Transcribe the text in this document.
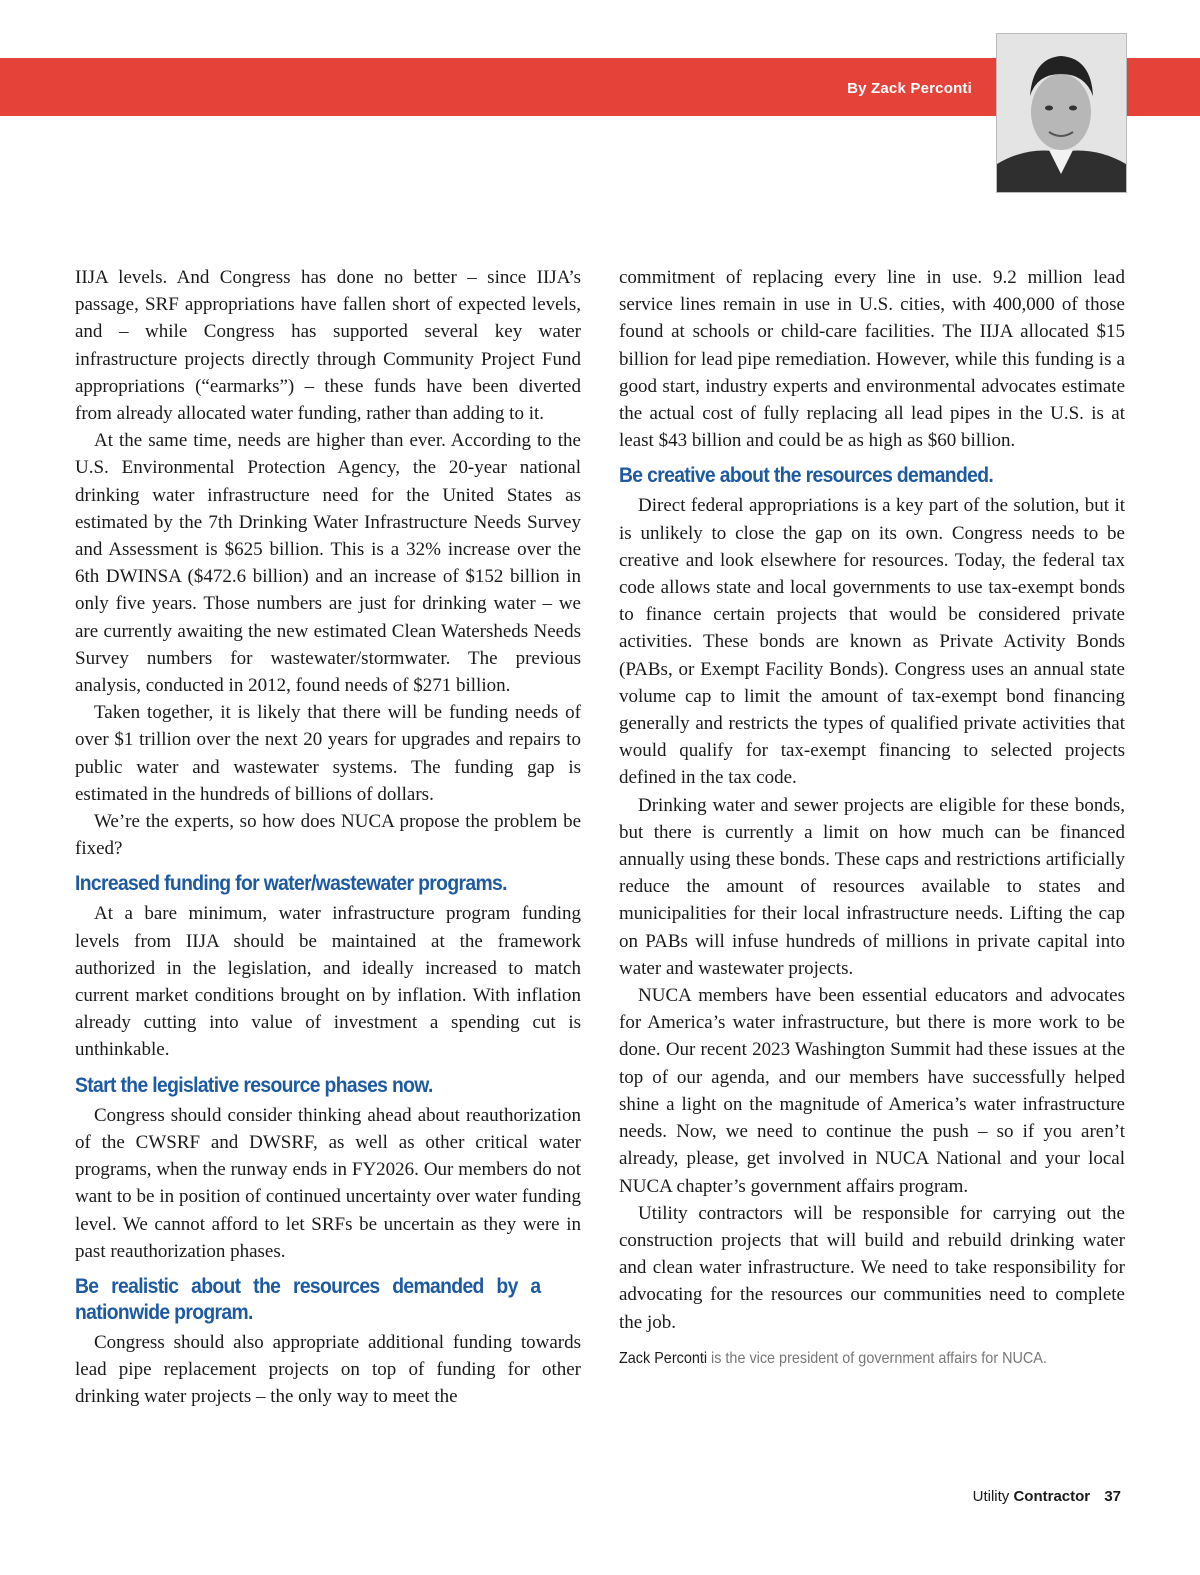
By Zack Perconti

IIJA levels. And Congress has done no better – since IIJA’s passage, SRF appropriations have fallen short of expected levels, and – while Congress has supported several key water infrastructure projects directly through Community Project Fund appropriations (“earmarks”) – these funds have been diverted from already allocated water funding, rather than adding to it.

At the same time, needs are higher than ever. According to the U.S. Environmental Protection Agency, the 20-year national drinking water infrastructure need for the United States as estimated by the 7th Drinking Water Infrastructure Needs Survey and Assessment is $625 billion. This is a 32% increase over the 6th DWINSA ($472.6 billion) and an increase of $152 billion in only five years. Those numbers are just for drinking water – we are currently awaiting the new estimated Clean Watersheds Needs Survey numbers for wastewater/stormwater. The previous analysis, conducted in 2012, found needs of $271 billion.

Taken together, it is likely that there will be funding needs of over $1 trillion over the next 20 years for upgrades and repairs to public water and wastewater systems. The funding gap is estimated in the hundreds of billions of dollars.

We’re the experts, so how does NUCA propose the problem be fixed?

Increased funding for water/wastewater programs.

At a bare minimum, water infrastructure program funding levels from IIJA should be maintained at the framework authorized in the legislation, and ideally increased to match current market conditions brought on by inflation. With inflation already cutting into value of investment a spending cut is unthinkable.

Start the legislative resource phases now.

Congress should consider thinking ahead about reauthorization of the CWSRF and DWSRF, as well as other critical water programs, when the runway ends in FY2026. Our members do not want to be in position of continued uncertainty over water funding level. We cannot afford to let SRFs be uncertain as they were in past reauthorization phases.

Be realistic about the resources demanded by a nationwide program.

Congress should also appropriate additional funding towards lead pipe replacement projects on top of funding for other drinking water projects – the only way to meet the

commitment of replacing every line in use. 9.2 million lead service lines remain in use in U.S. cities, with 400,000 of those found at schools or child-care facilities. The IIJA allocated $15 billion for lead pipe remediation. However, while this funding is a good start, industry experts and environmental advocates estimate the actual cost of fully replacing all lead pipes in the U.S. is at least $43 billion and could be as high as $60 billion.

Be creative about the resources demanded.

Direct federal appropriations is a key part of the solution, but it is unlikely to close the gap on its own. Congress needs to be creative and look elsewhere for resources. Today, the federal tax code allows state and local governments to use tax-exempt bonds to finance certain projects that would be considered private activities. These bonds are known as Private Activity Bonds (PABs, or Exempt Facility Bonds). Congress uses an annual state volume cap to limit the amount of tax-exempt bond financing generally and restricts the types of qualified private activities that would qualify for tax-exempt financing to selected projects defined in the tax code.

Drinking water and sewer projects are eligible for these bonds, but there is currently a limit on how much can be financed annually using these bonds. These caps and restrictions artificially reduce the amount of resources available to states and municipalities for their local infrastructure needs. Lifting the cap on PABs will infuse hundreds of millions in private capital into water and wastewater projects.

NUCA members have been essential educators and advocates for America’s water infrastructure, but there is more work to be done. Our recent 2023 Washington Summit had these issues at the top of our agenda, and our members have successfully helped shine a light on the magnitude of America’s water infrastructure needs. Now, we need to continue the push – so if you aren’t already, please, get involved in NUCA National and your local NUCA chapter’s government affairs program.

Utility contractors will be responsible for carrying out the construction projects that will build and rebuild drinking water and clean water infrastructure. We need to take responsibility for advocating for the resources our communities need to complete the job.

Zack Perconti is the vice president of government affairs for NUCA.
Utility Contractor 37
